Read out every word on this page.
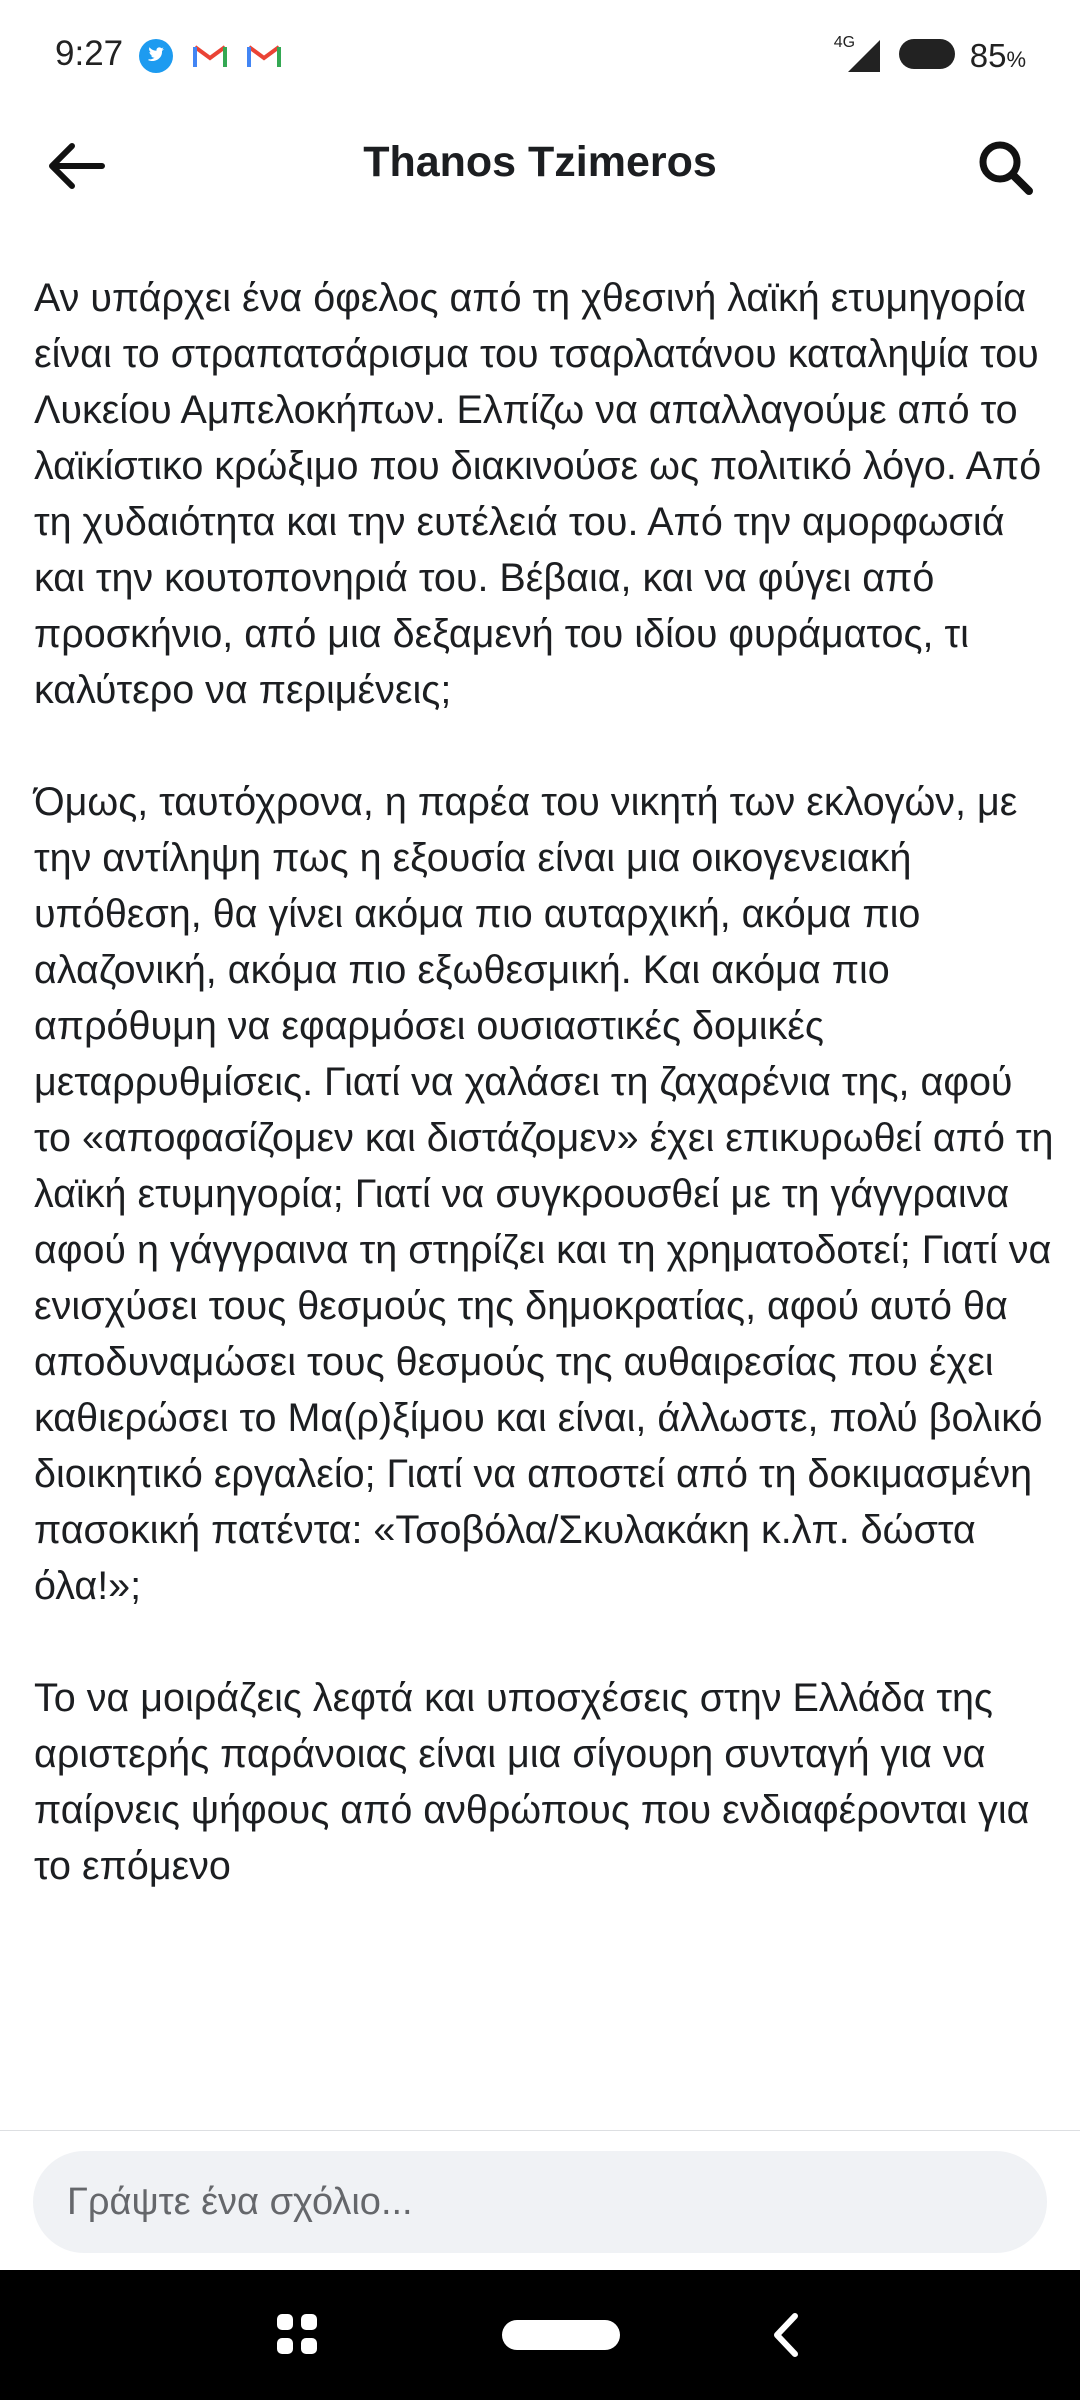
9:27	4G	85%
Thanos Tzimeros

Αν υπάρχει ένα όφελος από τη χθεσινή λαϊκή ετυμηγορία είναι το στραπατσάρισμα του τσαρλατάνου καταληψία του Λυκείου Αμπελοκήπων. Ελπίζω να απαλλαγούμε από το λαϊκίστικο κρώξιμο που διακινούσε ως πολιτικό λόγο. Από τη χυδαιότητα και την ευτέλειά του. Από την αμορφωσιά και την κουτοπονηριά του. Βέβαια, και να φύγει από προσκήνιο, από μια δεξαμενή του ιδίου φυράματος, τι καλύτερο να περιμένεις;

Όμως, ταυτόχρονα, η παρέα του νικητή των εκλογών, με την αντίληψη πως η εξουσία είναι μια οικογενειακή υπόθεση, θα γίνει ακόμα πιο αυταρχική, ακόμα πιο αλαζονική, ακόμα πιο εξωθεσμική. Και ακόμα πιο απρόθυμη να εφαρμόσει ουσιαστικές δομικές μεταρρυθμίσεις. Γιατί να χαλάσει τη ζαχαρένια της, αφού το «αποφασίζομεν και διστάζομεν» έχει επικυρωθεί από τη λαϊκή ετυμηγορία; Γιατί να συγκρουσθεί με τη γάγγραινα αφού η γάγγραινα τη στηρίζει και τη χρηματοδοτεί; Γιατί να ενισχύσει τους θεσμούς της δημοκρατίας, αφού αυτό θα αποδυναμώσει τους θεσμούς της αυθαιρεσίας που έχει καθιερώσει το Μα(ρ)ξίμου και είναι, άλλωστε, πολύ βολικό διοικητικό εργαλείο; Γιατί να αποστεί από τη δοκιμασμένη πασοκική πατέντα: «Τσοβόλα/Σκυλακάκη κ.λπ. δώστα όλα!»;

Το να μοιράζεις λεφτά και υποσχέσεις στην Ελλάδα της αριστερής παράνοιας είναι μια σίγουρη συνταγή για να παίρνεις ψήφους από ανθρώπους που ενδιαφέρονται για το επόμενο

Γράψτε ένα σχόλιο...
